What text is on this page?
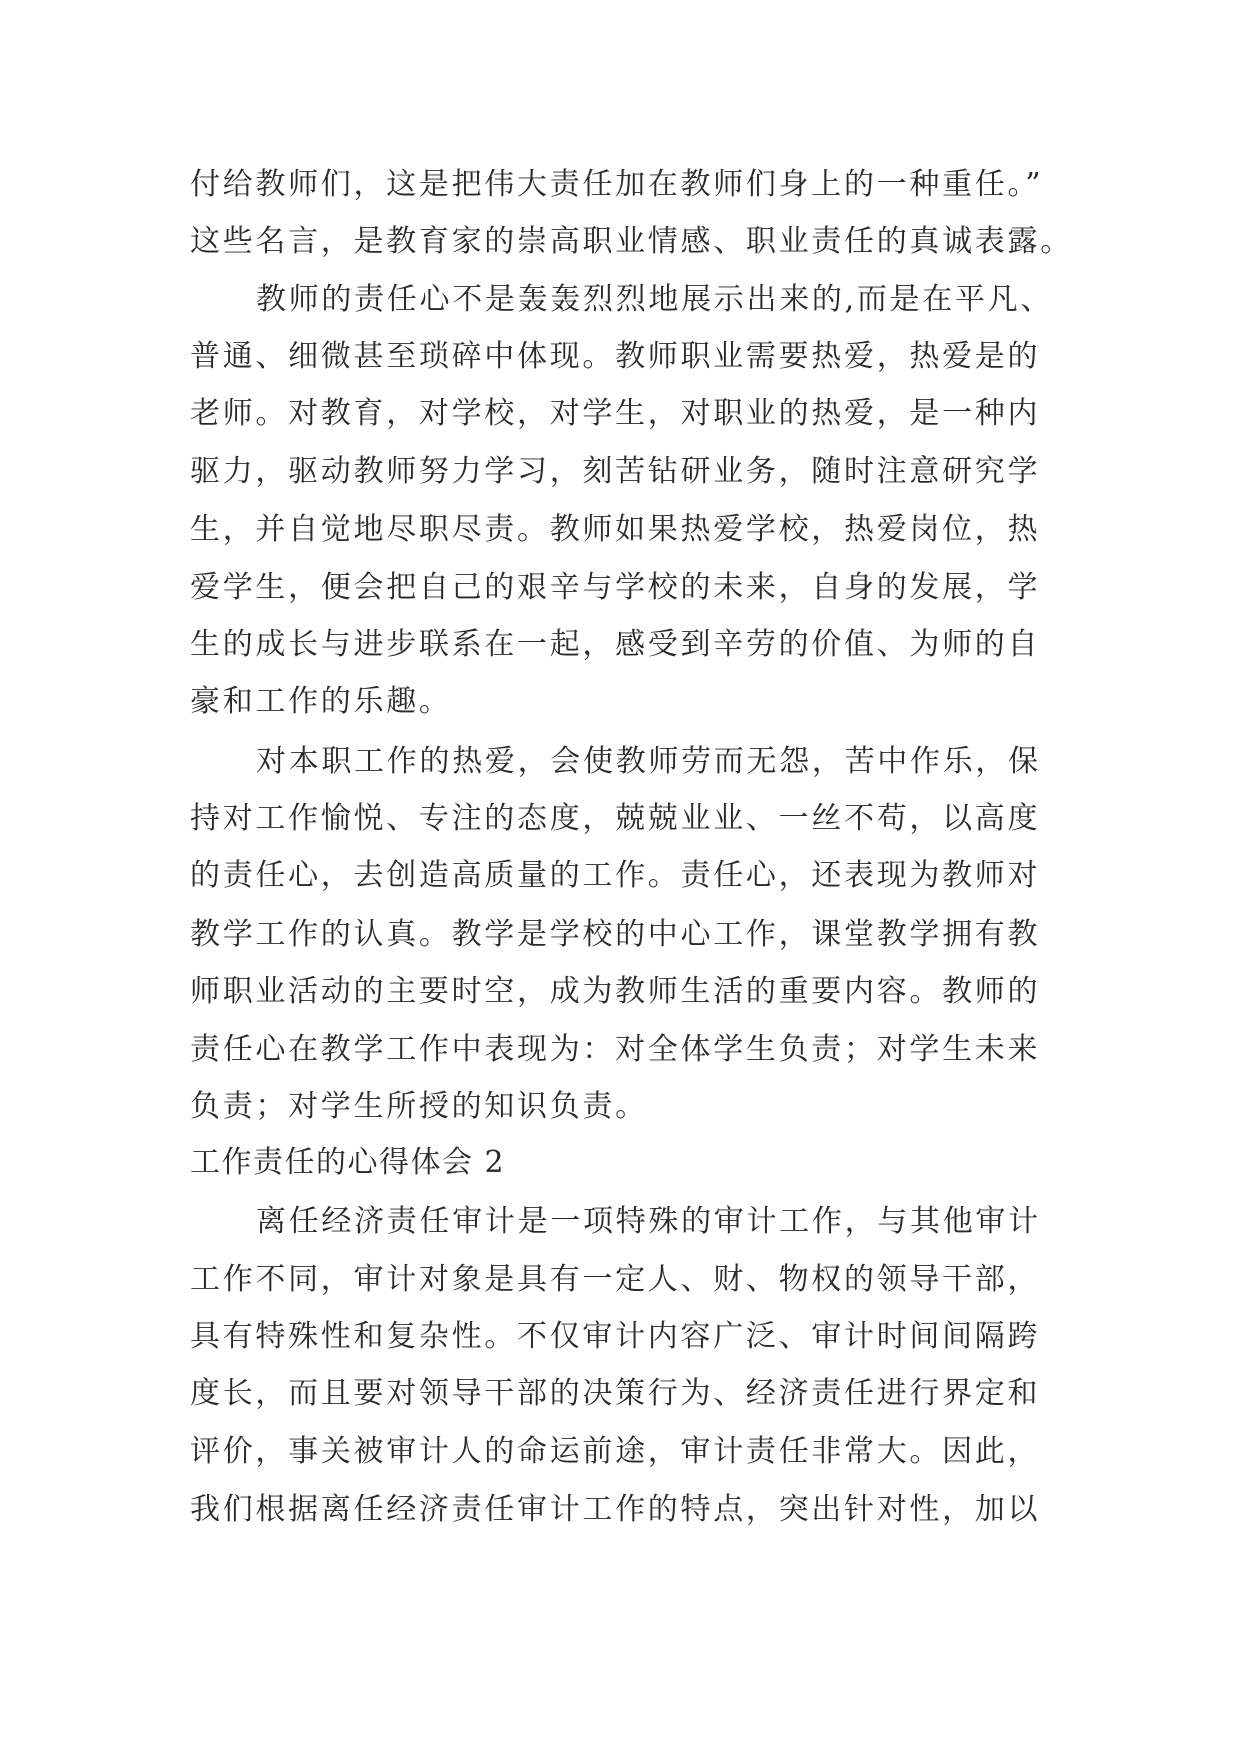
付给教师们，这是把伟大责任加在教师们身上的一种重任。”
这些名言，是教育家的崇高职业情感、职业责任的真诚表露。
教师的责任心不是轰轰烈烈地展示出来的,而是在平凡、
普通、细微甚至琐碎中体现。教师职业需要热爱，热爱是的
老师。对教育，对学校，对学生，对职业的热爱，是一种内
驱力，驱动教师努力学习，刻苦钻研业务，随时注意研究学
生，并自觉地尽职尽责。教师如果热爱学校，热爱岗位，热
爱学生，便会把自己的艰辛与学校的未来，自身的发展，学
生的成长与进步联系在一起，感受到辛劳的价值、为师的自
豪和工作的乐趣。
对本职工作的热爱，会使教师劳而无怨，苦中作乐，保
持对工作愉悦、专注的态度，兢兢业业、一丝不苟，以高度
的责任心，去创造高质量的工作。责任心，还表现为教师对
教学工作的认真。教学是学校的中心工作，课堂教学拥有教
师职业活动的主要时空，成为教师生活的重要内容。教师的
责任心在教学工作中表现为：对全体学生负责；对学生未来
负责；对学生所授的知识负责。
工作责任的心得体会 2
离任经济责任审计是一项特殊的审计工作，与其他审计
工作不同，审计对象是具有一定人、财、物权的领导干部，
具有特殊性和复杂性。不仅审计内容广泛、审计时间间隔跨
度长，而且要对领导干部的决策行为、经济责任进行界定和
评价，事关被审计人的命运前途，审计责任非常大。因此，
我们根据离任经济责任审计工作的特点，突出针对性，加以
